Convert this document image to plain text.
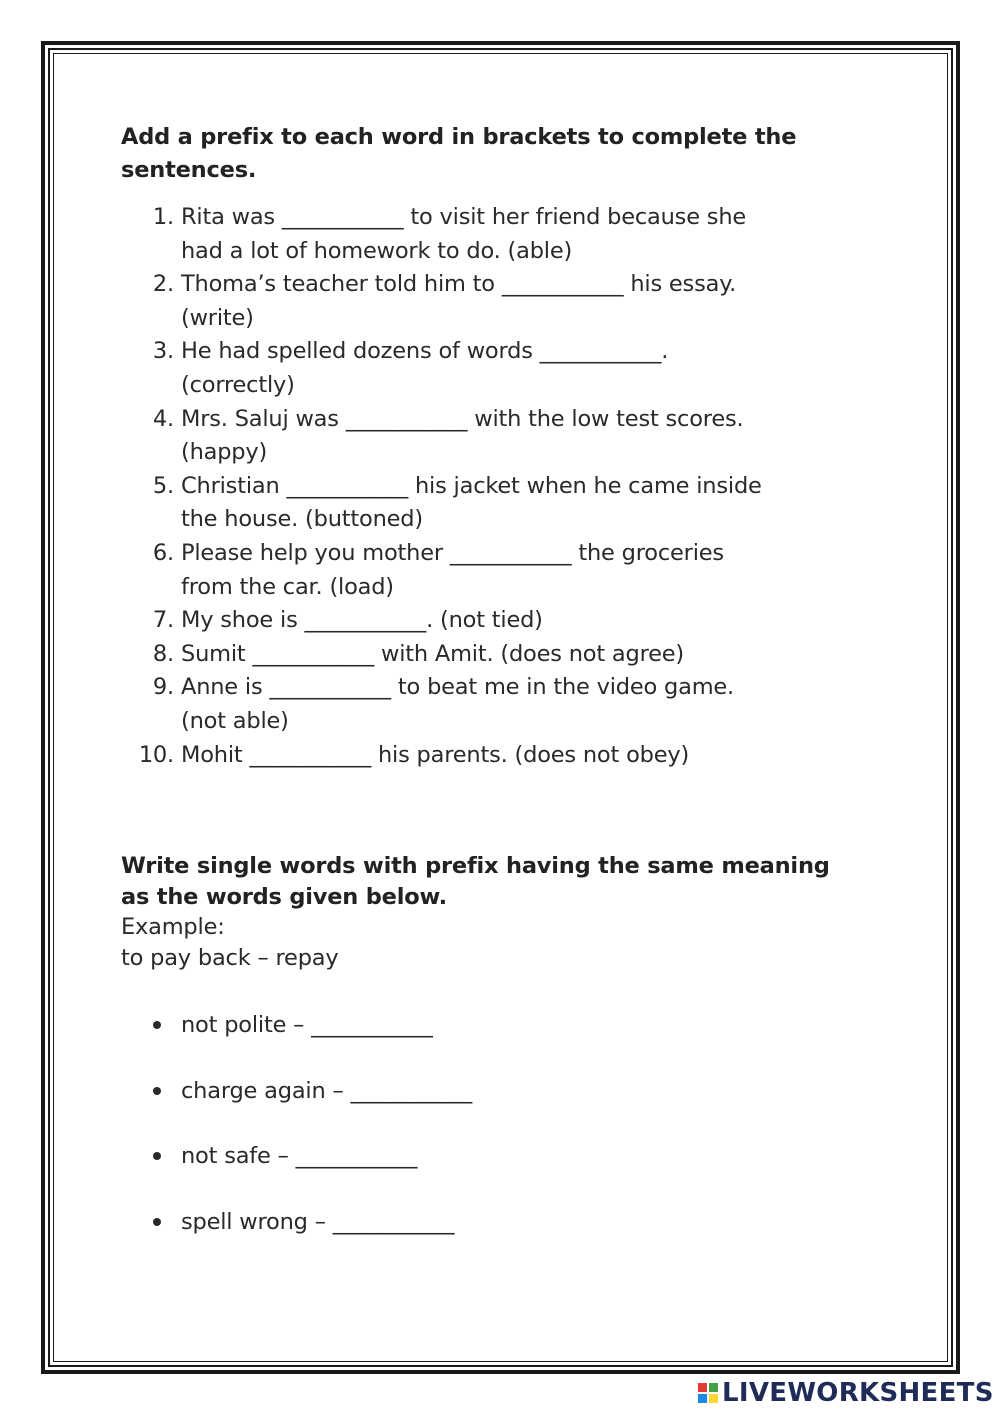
Add a prefix to each word in brackets to complete the sentences.
1. Rita was ___________ to visit her friend because she
had a lot of homework to do. (able)
2. Thoma’s teacher told him to ___________ his essay.
(write)
3. He had spelled dozens of words ___________.
(correctly)
4. Mrs. Saluj was ___________ with the low test scores.
(happy)
5. Christian ___________ his jacket when he came inside
the house. (buttoned)
6. Please help you mother ___________ the groceries
from the car. (load)
7. My shoe is ___________. (not tied)
8. Sumit ___________ with Amit. (does not agree)
9. Anne is ___________ to beat me in the video game.
(not able)
10. Mohit ___________ his parents. (does not obey)
Write single words with prefix having the same meaning as the words given below.
Example:
to pay back – repay
not polite – ___________
charge again – ___________
not safe – ___________
spell wrong – ___________
LIVEWORKSHEETS
